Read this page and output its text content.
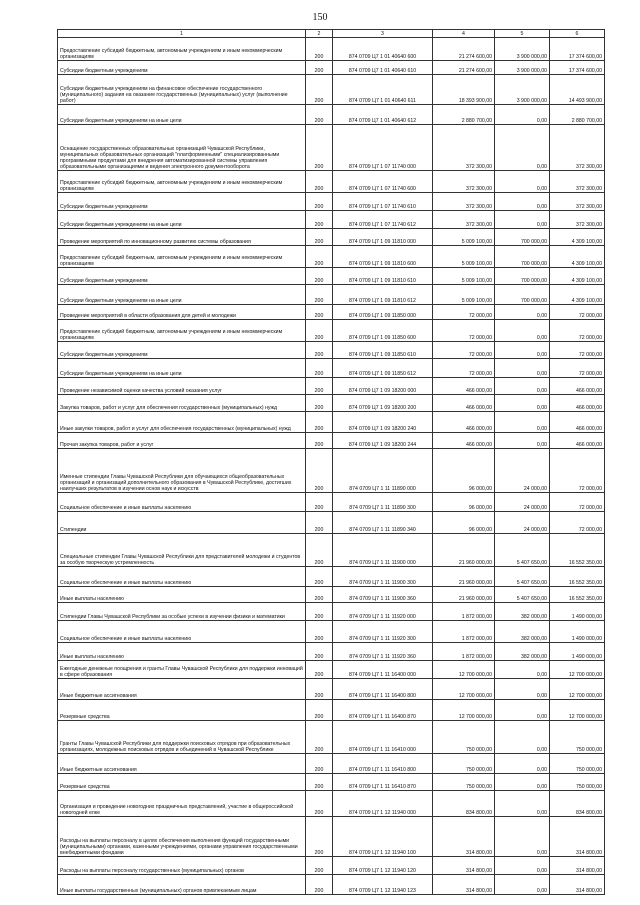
150
1	2	3	4	5	6
Предоставление субсидий бюджетным, автономным учреждениям и иным некоммерческим организациям	200	874 0709 Ц7 1 01 40640 600	21 274 600,00	3 900 000,00	17 374 600,00
Субсидии бюджетным учреждениям	200	874 0709 Ц7 1 01 40640 610	21 274 600,00	3 900 000,00	17 374 600,00
Субсидии бюджетным учреждениям на финансовое обеспечение государственного (муниципального) задания на оказание государственных (муниципальных) услуг (выполнение работ)	200	874 0709 Ц7 1 01 40640 611	18 393 900,00	3 900 000,00	14 493 900,00
Субсидии бюджетным учреждениям на иные цели	200	874 0709 Ц7 1 01 40640 612	2 880 700,00	0,00	2 880 700,00
Оснащение государственных образовательных организаций Чувашской Республики, муниципальных образовательных организаций "платформенными" специализированными программными продуктами для внедрения автоматизированной системы управления образовательными организациями и ведения электронного документооборота	200	874 0709 Ц7 1 07 11740 000	372 300,00	0,00	372 300,00
Предоставление субсидий бюджетным, автономным учреждениям и иным некоммерческим организациям	200	874 0709 Ц7 1 07 11740 600	372 300,00	0,00	372 300,00
Субсидии бюджетным учреждениям	200	874 0709 Ц7 1 07 11740 610	372 300,00	0,00	372 300,00
Субсидии бюджетным учреждениям на иные цели	200	874 0709 Ц7 1 07 11740 612	372 300,00	0,00	372 300,00
Проведение мероприятий по инновационному развитию системы образования	200	874 0709 Ц7 1 09 11810 000	5 009 100,00	700 000,00	4 309 100,00
Предоставление субсидий бюджетным, автономным учреждениям и иным некоммерческим организациям	200	874 0709 Ц7 1 09 11810 600	5 009 100,00	700 000,00	4 309 100,00
Субсидии бюджетным учреждениям	200	874 0709 Ц7 1 09 11810 610	5 009 100,00	700 000,00	4 309 100,00
Субсидии бюджетным учреждениям на иные цели	200	874 0709 Ц7 1 09 11810 612	5 009 100,00	700 000,00	4 309 100,00
Проведение мероприятий в области образования для детей и молодежи	200	874 0709 Ц7 1 09 11850 000	72 000,00	0,00	72 000,00
Предоставление субсидий бюджетным, автономным учреждениям и иным некоммерческим организациям	200	874 0709 Ц7 1 09 11850 600	72 000,00	0,00	72 000,00
Субсидии бюджетным учреждениям	200	874 0709 Ц7 1 09 11850 610	72 000,00	0,00	72 000,00
Субсидии бюджетным учреждениям на иные цели	200	874 0709 Ц7 1 09 11850 612	72 000,00	0,00	72 000,00
Проведение независимой оценки качества условий оказания услуг	200	874 0709 Ц7 1 09 18200 000	466 000,00	0,00	466 000,00
Закупка товаров, работ и услуг для обеспечения государственных (муниципальных) нужд	200	874 0709 Ц7 1 09 18200 200	466 000,00	0,00	466 000,00
Иные закупки товаров, работ и услуг для обеспечения государственных (муниципальных) нужд	200	874 0709 Ц7 1 09 18200 240	466 000,00	0,00	466 000,00
Прочая закупка товаров, работ и услуг	200	874 0709 Ц7 1 09 18200 244	466 000,00	0,00	466 000,00
Именные стипендии Главы Чувашской Республики для обучающихся общеобразовательных организаций и организаций дополнительного образования в Чувашской Республике, достигших наилучших результатов в изучении основ наук и искусств	200	874 0709 Ц7 1 11 11890 000	96 000,00	24 000,00	72 000,00
Социальное обеспечение и иные выплаты населению	200	874 0709 Ц7 1 11 11890 300	96 000,00	24 000,00	72 000,00
Стипендии	200	874 0709 Ц7 1 11 11890 340	96 000,00	24 000,00	72 000,00
Специальные стипендии Главы Чувашской Республики для представителей молодежи и студентов за особую творческую устремленность	200	874 0709 Ц7 1 11 11900 000	21 960 000,00	5 407 650,00	16 552 350,00
Социальное обеспечение и иные выплаты населению	200	874 0709 Ц7 1 11 11900 300	21 960 000,00	5 407 650,00	16 552 350,00
Иные выплаты населению	200	874 0709 Ц7 1 11 11900 360	21 960 000,00	5 407 650,00	16 552 350,00
Стипендии Главы Чувашской Республики за особые успехи в изучении физики и математики	200	874 0709 Ц7 1 11 11920 000	1 872 000,00	382 000,00	1 490 000,00
Социальное обеспечение и иные выплаты населению	200	874 0709 Ц7 1 11 11920 300	1 872 000,00	382 000,00	1 490 000,00
Иные выплаты населению	200	874 0709 Ц7 1 11 11920 360	1 872 000,00	382 000,00	1 490 000,00
Ежегодные денежные поощрения и гранты Главы Чувашской Республики для поддержки инноваций в сфере образования	200	874 0709 Ц7 1 11 16400 000	12 700 000,00	0,00	12 700 000,00
Иные бюджетные ассигнования	200	874 0709 Ц7 1 11 16400 800	12 700 000,00	0,00	12 700 000,00
Резервные средства	200	874 0709 Ц7 1 11 16400 870	12 700 000,00	0,00	12 700 000,00
Гранты Главы Чувашской Республики для поддержки поисковых отрядов при образовательных организациях, молодежных поисковых отрядов и объединений в Чувашской Республике	200	874 0709 Ц7 1 11 16410 000	750 000,00	0,00	750 000,00
Иные бюджетные ассигнования	200	874 0709 Ц7 1 11 16410 800	750 000,00	0,00	750 000,00
Резервные средства	200	874 0709 Ц7 1 11 16410 870	750 000,00	0,00	750 000,00
Организация и проведение новогодних праздничных представлений, участие в общероссийской новогодней елке	200	874 0709 Ц7 1 12 11940 000	834 800,00	0,00	834 800,00
Расходы на выплаты персоналу в целях обеспечения выполнения функций государственными (муниципальными) органами, казенными учреждениями, органами управления государственными внебюджетными фондами	200	874 0709 Ц7 1 12 11940 100	314 800,00	0,00	314 800,00
Расходы на выплаты персоналу государственных (муниципальных) органов	200	874 0709 Ц7 1 12 11940 120	314 800,00	0,00	314 800,00
Иные выплаты государственных (муниципальных) органов привлекаемым лицам	200	874 0709 Ц7 1 12 11940 123	314 800,00	0,00	314 800,00
